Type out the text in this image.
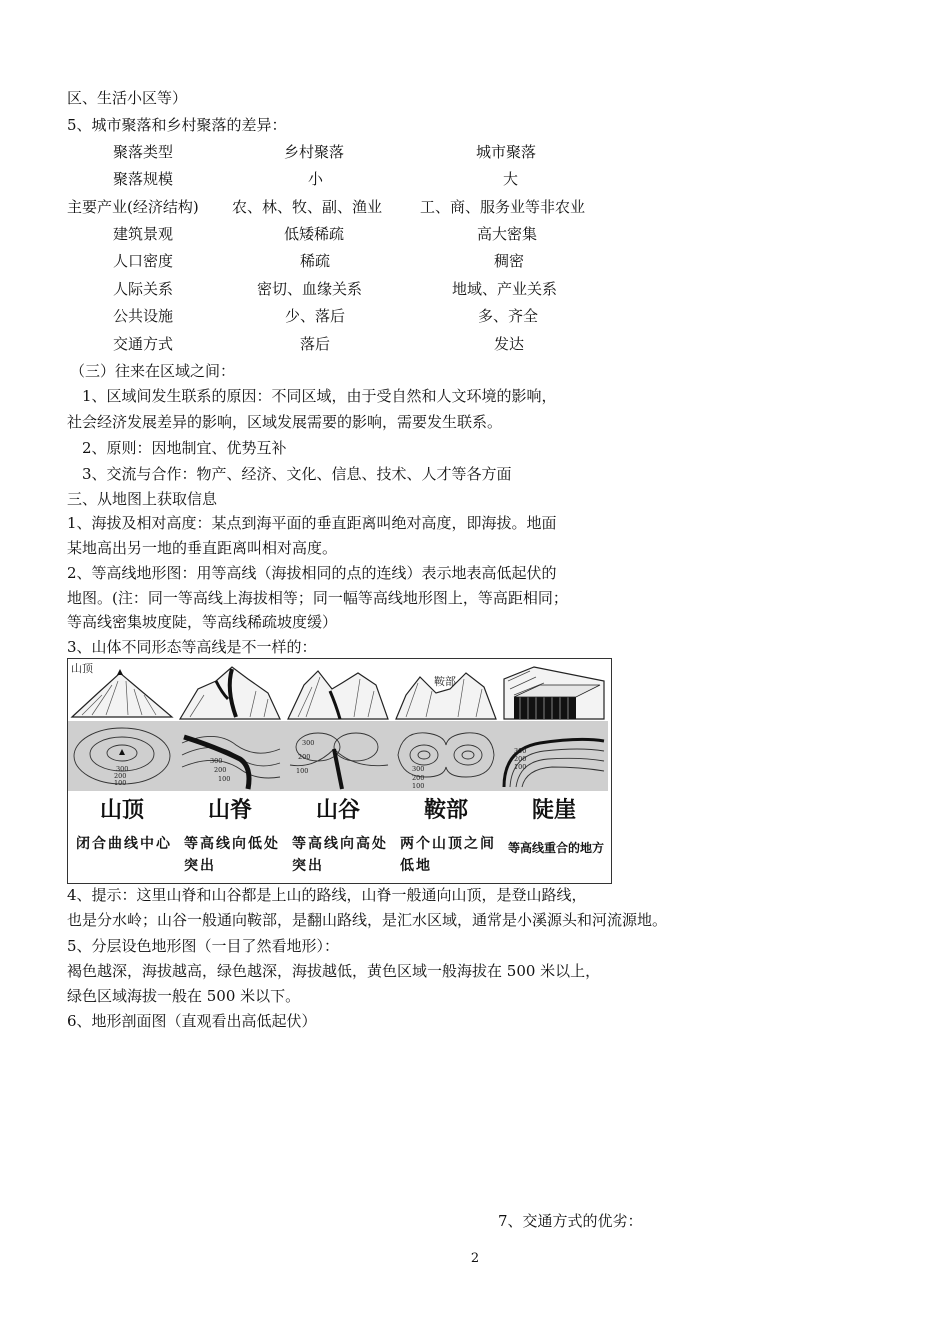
区、生活小区等）
5、城市聚落和乡村聚落的差异：
聚落类型	乡村聚落	城市聚落
聚落规模	小	大
主要产业(经济结构) 农、林、牧、副、渔业	工、商、服务业等非农业
建筑景观	低矮稀疏	高大密集
人口密度	稀疏	稠密
人际关系	密切、血缘关系	地域、产业关系
公共设施	少、落后	多、齐全
交通方式	落后	发达
（三）往来在区域之间：
1、区域间发生联系的原因：不同区域，由于受自然和人文环境的影响，
社会经济发展差异的影响，区域发展需要的影响，需要发生联系。
2、原则：因地制宜、优势互补
3、交流与合作：物产、经济、文化、信息、技术、人才等各方面
三、从地图上获取信息
1、海拔及相对高度：某点到海平面的垂直距离叫绝对高度，即海拔。地面
某地高出另一地的垂直距离叫相对高度。
2、等高线地形图：用等高线（海拔相同的点的连线）表示地表高低起伏的
地图。(注：同一等高线上海拔相等；同一幅等高线地形图上，等高距相同；
等高线密集坡度陡，等高线稀疏坡度缓）
3、山体不同形态等高线是不一样的：
山顶
300
200
100
山顶
闭合曲线中心
300
200
100
山脊
等高线向低处突出
300
200
100
山谷
等高线向高处突出
鞍部
300
200
100
鞍部
两个山顶之间低地
300
200
100
陡崖
等高线重合的地方
4、提示：这里山脊和山谷都是上山的路线，山脊一般通向山顶，是登山路线，
也是分水岭；山谷一般通向鞍部，是翻山路线，是汇水区域，通常是小溪源头和河流源地。
5、分层设色地形图（一目了然看地形）：
褐色越深，海拔越高，绿色越深，海拔越低，黄色区域一般海拔在 500 米以上，
绿色区域海拔一般在 500 米以下。
6、地形剖面图（直观看出高低起伏）
7、交通方式的优劣：
2
